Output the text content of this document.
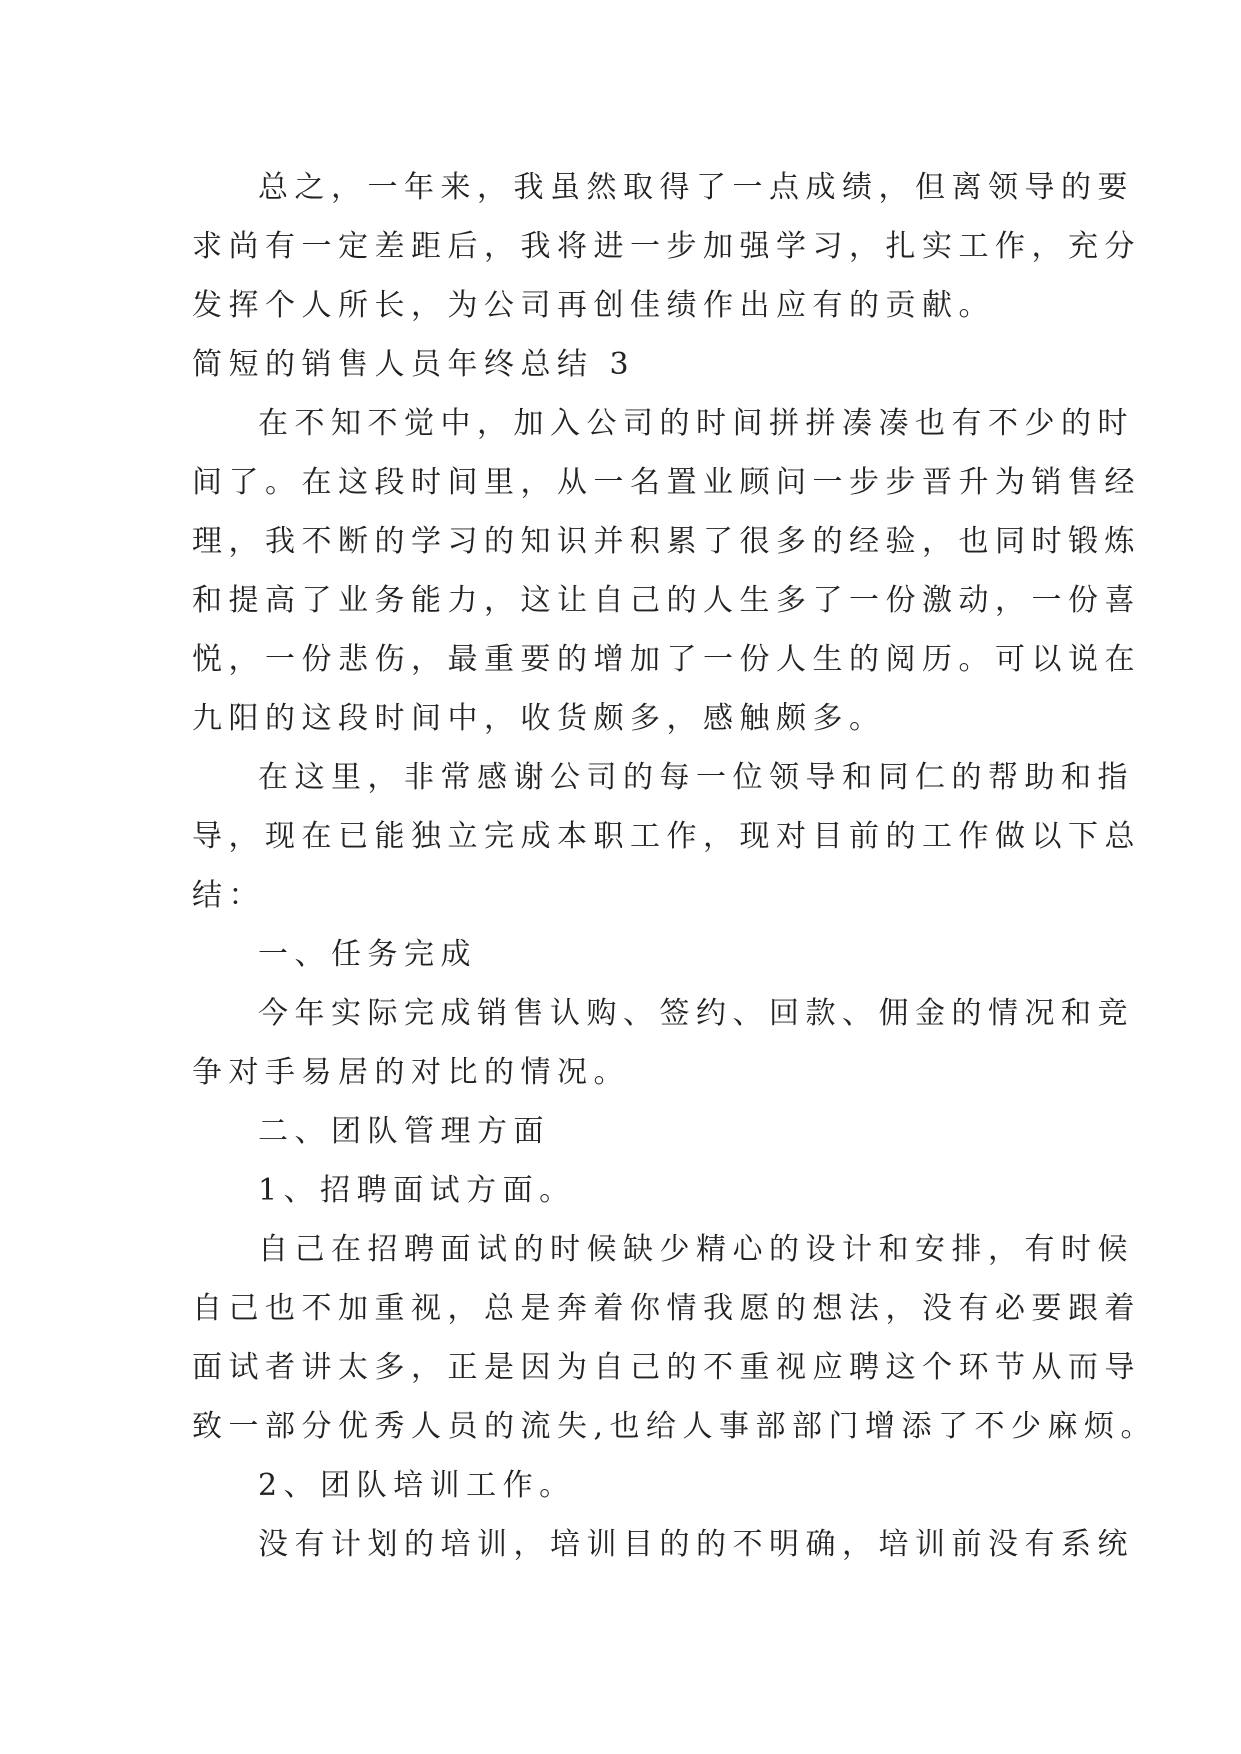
总之，一年来，我虽然取得了一点成绩，但离领导的要
求尚有一定差距后，我将进一步加强学习，扎实工作，充分
发挥个人所长，为公司再创佳绩作出应有的贡献。
简短的销售人员年终总结 3
在不知不觉中，加入公司的时间拼拼凑凑也有不少的时
间了。在这段时间里，从一名置业顾问一步步晋升为销售经
理，我不断的学习的知识并积累了很多的经验，也同时锻炼
和提高了业务能力，这让自己的人生多了一份激动，一份喜
悦，一份悲伤，最重要的增加了一份人生的阅历。可以说在
九阳的这段时间中，收货颇多，感触颇多。
在这里，非常感谢公司的每一位领导和同仁的帮助和指
导，现在已能独立完成本职工作，现对目前的工作做以下总
结：
一、任务完成
今年实际完成销售认购、签约、回款、佣金的情况和竞
争对手易居的对比的情况。
二、团队管理方面
1、招聘面试方面。
自己在招聘面试的时候缺少精心的设计和安排，有时候
自己也不加重视，总是奔着你情我愿的想法，没有必要跟着
面试者讲太多，正是因为自己的不重视应聘这个环节从而导
致一部分优秀人员的流失,也给人事部部门增添了不少麻烦。
2、团队培训工作。
没有计划的培训，培训目的的不明确，培训前没有系统
